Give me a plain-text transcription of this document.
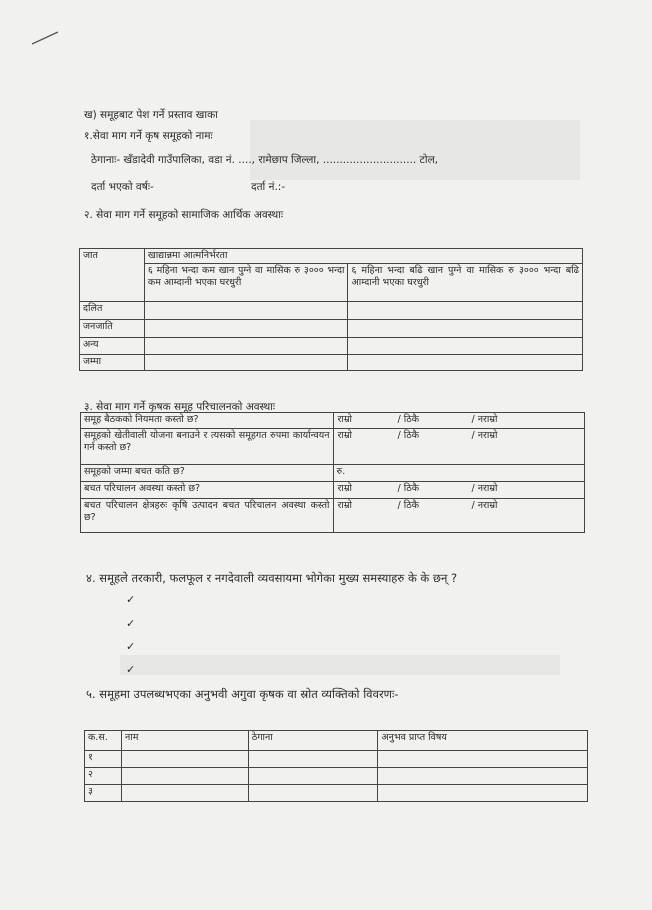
ख) समूहबाट पेश गर्ने प्रस्ताव खाका
१.सेवा माग गर्ने कृष समूहको नामः
ठेगानाः- खँडादेवी गाउँपालिका, वडा नं. ...., रामेछाप जिल्ला, ............................ टोल,
दर्ता भएको वर्षः-	दर्ता नं.:-
२. सेवा माग गर्ने समूहको सामाजिक आर्थिक अवस्थाः
जात	खाद्यान्नमा आत्मनिर्भरता	
	६ महिना भन्दा कम खान पुग्ने वा मासिक रु ३००० भन्दा कम आम्दानी भएका घरधुरी	६ महिना भन्दा बढि खान पुग्ने वा मासिक रु ३००० भन्दा बढि आम्दानी भएका घरधुरी
दलित		
जनजाति		
अन्य		
जम्मा		
३. सेवा माग गर्ने कृषक समूह परिचालनको अवस्थाः
समूह बैठकको नियमता कस्तो छ?	राम्रो / ठिकै / नराम्रो

समूहको खेतीवाली योजना बनाउने र त्यसको समूहगत रुपमा कार्यान्वयन गर्न कस्तो छ?	राम्रो / ठिकै / नराम्रो

समूहको जम्मा बचत कति छ?	रु.
बचत परिचालन अवस्था कस्तो छ?	राम्रो / ठिकै / नराम्रो

बचत परिचालन क्षेत्रहरुः कृषि उत्पादन बचत परिचालन अवस्था कस्तो छ?	राम्रो / ठिकै / नराम्रो
४. समूहले तरकारी, फलफूल र नगदेवाली व्यवसायमा भोगेका मुख्य समस्याहरु के के छन् ?
✓
✓
✓
✓
५. समूहमा उपलब्धभएका अनुभवी अगुवा कृषक वा स्रोत व्यक्तिको विवरणः-
क.स.	नाम	ठेगाना	अनुभव प्राप्त विषय
१			
२			
३			
